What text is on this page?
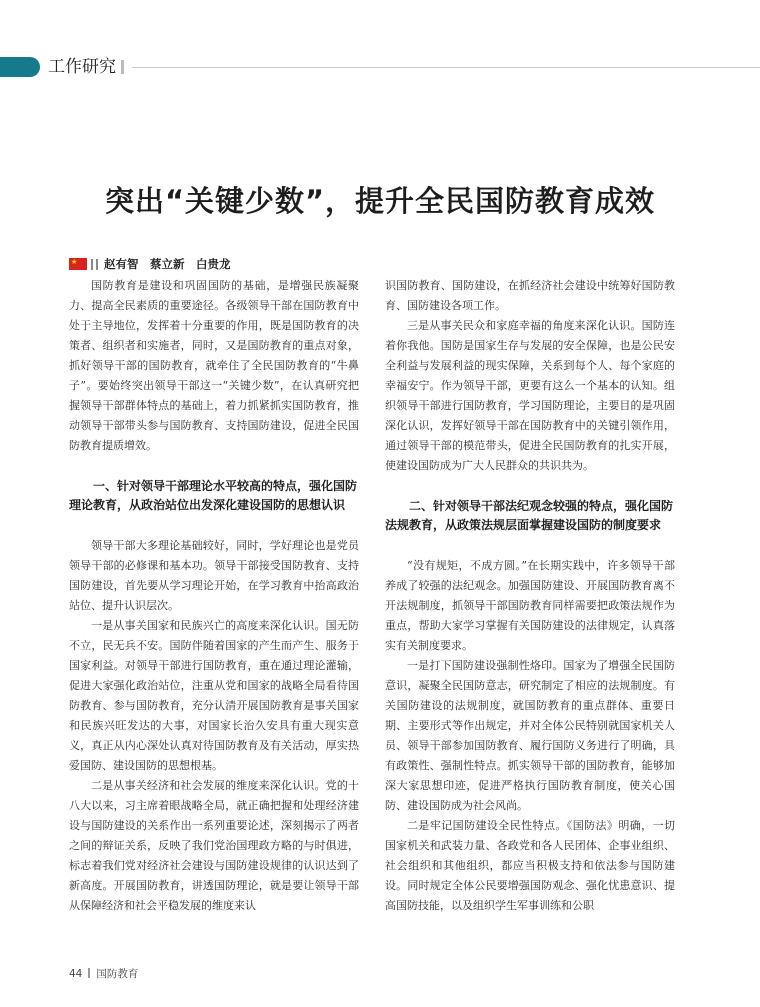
工作研究
突出“关键少数”，提升全民国防教育成效
★ 赵有智　蔡立新　白贵龙

国防教育是建设和巩固国防的基础，是增强民族凝聚力、提高全民素质的重要途径。各级领导干部在国防教育中处于主导地位，发挥着十分重要的作用，既是国防教育的决策者、组织者和实施者，同时，又是国防教育的重点对象，抓好领导干部的国防教育，就牵住了全民国防教育的“牛鼻子”。要始终突出领导干部这一“关键少数”，在认真研究把握领导干部群体特点的基础上，着力抓紧抓实国防教育，推动领导干部带头参与国防教育、支持国防建设，促进全民国防教育提质增效。

一、针对领导干部理论水平较高的特点，强化国防理论教育，从政治站位出发深化建设国防的思想认识

领导干部大多理论基础较好，同时，学好理论也是党员领导干部的必修课和基本功。领导干部接受国防教育、支持国防建设，首先要从学习理论开始，在学习教育中抬高政治站位、提升认识层次。

一是从事关国家和民族兴亡的高度来深化认识。国无防不立，民无兵不安。国防伴随着国家的产生而产生、服务于国家利益。对领导干部进行国防教育，重在通过理论灌输，促进大家强化政治站位，注重从党和国家的战略全局看待国防教育、参与国防教育，充分认清开展国防教育是事关国家和民族兴旺发达的大事，对国家长治久安具有重大现实意义，真正从内心深处认真对待国防教育及有关活动，厚实热爱国防、建设国防的思想根基。

二是从事关经济和社会发展的维度来深化认识。党的十八大以来，习主席着眼战略全局，就正确把握和处理经济建设与国防建设的关系作出一系列重要论述，深刻揭示了两者之间的辩证关系，反映了我们党治国理政方略的与时俱进，标志着我们党对经济社会建设与国防建设规律的认识达到了新高度。开展国防教育，讲透国防理论，就是要让领导干部从保障经济和社会平稳发展的维度来认

识国防教育、国防建设，在抓经济社会建设中统筹好国防教育、国防建设各项工作。

三是从事关民众和家庭幸福的角度来深化认识。国防连着你我他。国防是国家生存与发展的安全保障，也是公民安全利益与发展利益的现实保障，关系到每个人、每个家庭的幸福安宁。作为领导干部，更要有这么一个基本的认知。组织领导干部进行国防教育，学习国防理论，主要目的是巩固深化认识，发挥好领导干部在国防教育中的关键引领作用，通过领导干部的模范带头，促进全民国防教育的扎实开展，使建设国防成为广大人民群众的共识共为。

二、针对领导干部法纪观念较强的特点，强化国防法规教育，从政策法规层面掌握建设国防的制度要求

“没有规矩，不成方圆。”在长期实践中，许多领导干部养成了较强的法纪观念。加强国防建设、开展国防教育离不开法规制度，抓领导干部国防教育同样需要把政策法规作为重点，帮助大家学习掌握有关国防建设的法律规定，认真落实有关制度要求。

一是打下国防建设强制性烙印。国家为了增强全民国防意识，凝聚全民国防意志，研究制定了相应的法规制度。有关国防建设的法规制度，就国防教育的重点群体、重要日期、主要形式等作出规定，并对全体公民特别就国家机关人员、领导干部参加国防教育、履行国防义务进行了明确，具有政策性、强制性特点。抓实领导干部的国防教育，能够加深大家思想印迹，促进严格执行国防教育制度，使关心国防、建设国防成为社会风尚。

二是牢记国防建设全民性特点。《国防法》明确，一切国家机关和武装力量、各政党和各人民团体、企事业组织、社会组织和其他组织，都应当积极支持和依法参与国防建设。同时规定全体公民要增强国防观念、强化忧患意识、提高国防技能，以及组织学生军事训练和公职

44 国防教育
